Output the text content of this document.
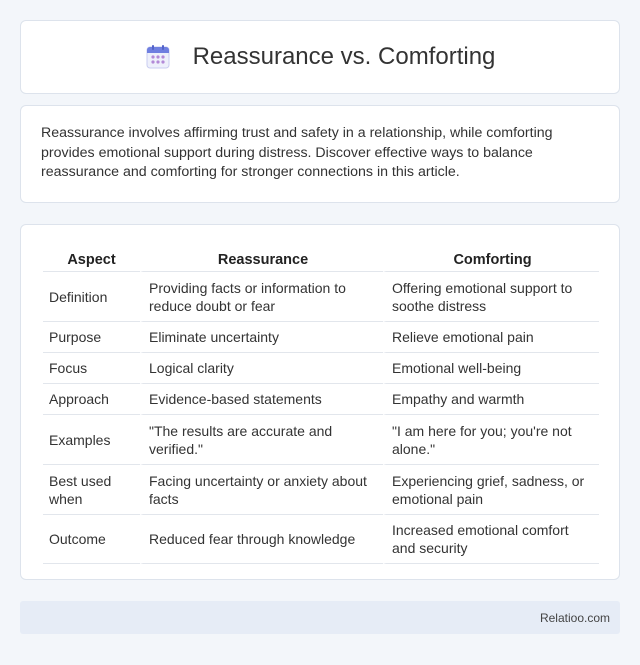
Reassurance vs. Comforting

Reassurance involves affirming trust and safety in a relationship, while comforting provides emotional support during distress. Discover effective ways to balance reassurance and comforting for stronger connections in this article.

Aspect	Reassurance	Comforting
Definition	Providing facts or information to reduce doubt or fear	Offering emotional support to soothe distress
Purpose	Eliminate uncertainty	Relieve emotional pain
Focus	Logical clarity	Emotional well-being
Approach	Evidence-based statements	Empathy and warmth
Examples	"The results are accurate and verified."	"I am here for you; you're not alone."
Best used when	Facing uncertainty or anxiety about facts	Experiencing grief, sadness, or emotional pain
Outcome	Reduced fear through knowledge	Increased emotional comfort and security
Relatioo.com
